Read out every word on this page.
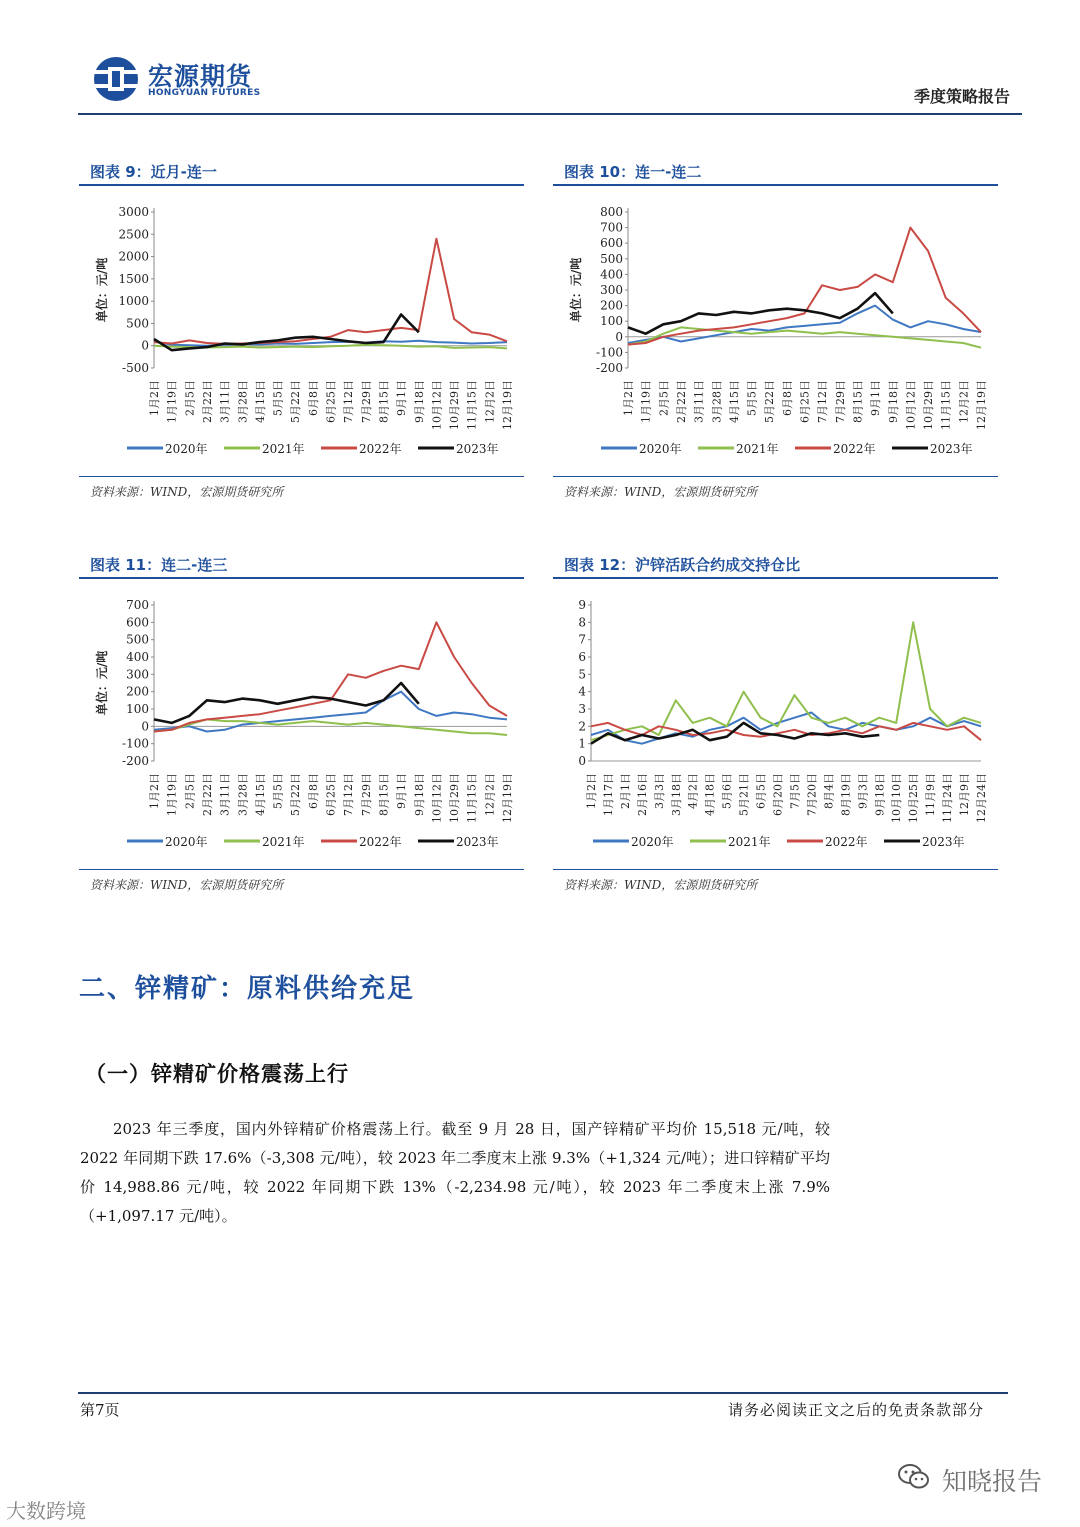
宏源期货
HONGYUAN FUTURES	季度策略报告
图表 9：近月-连一
单位：元/吨
3000
2500
2000
1500
1000
500
0
-500
1月2日 1月19日 2月5日 2月22日 3月11日 3月28日 4月15日 5月5日 5月22日 6月8日 6月25日 7月12日 7月29日 8月15日 9月1日 9月18日 10月12日 10月29日 11月15日 12月2日 12月19日
2020年	2021年	2022年	2023年
资料来源：WIND，宏源期货研究所
图表 10：连一-连二
单位：元/吨
800
700
600
500
400
300
200
100
0
-100
-200
1月2日 1月19日 2月5日 2月22日 3月11日 3月28日 4月15日 5月5日 5月22日 6月8日 6月25日 7月12日 7月29日 8月15日 9月1日 9月18日 10月12日 10月29日 11月15日 12月2日 12月19日
2020年	2021年	2022年	2023年
资料来源：WIND，宏源期货研究所
图表 11：连二-连三
单位：元/吨
700
600
500
400
300
200
100
0
-100
-200
1月2日 1月19日 2月5日 2月22日 3月11日 3月28日 4月15日 5月5日 5月22日 6月8日 6月25日 7月12日 7月29日 8月15日 9月1日 9月18日 10月12日 10月29日 11月15日 12月2日 12月19日
2020年	2021年	2022年	2023年
资料来源：WIND，宏源期货研究所
图表 12：沪锌活跃合约成交持仓比
9
8
7
6
5
4
3
2
1
0
1月2日 1月17日 2月1日 2月16日 3月3日 3月18日 4月2日 4月18日 5月6日 5月21日 6月5日 6月20日 7月5日 7月20日 8月4日 8月19日 9月3日 9月18日 10月10日 10月25日 11月9日 11月24日 12月9日 12月24日
2020年	2021年	2022年	2023年
资料来源：WIND，宏源期货研究所
二、锌精矿：原料供给充足
（一）锌精矿价格震荡上行
2023 年三季度，国内外锌精矿价格震荡上行。截至 9 月 28 日，国产锌精矿平均价 15,518 元/吨，较 2022 年同期下跌 17.6%（-3,308 元/吨），较 2023 年二季度末上涨 9.3%（+1,324 元/吨）；进口锌精矿平均价 14,988.86 元/吨，较 2022 年同期下跌 13%（-2,234.98 元/吨），较 2023 年二季度末上涨 7.9%（+1,097.17 元/吨）。
第7页	请务必阅读正文之后的免责条款部分
知晓报告
大数跨境
